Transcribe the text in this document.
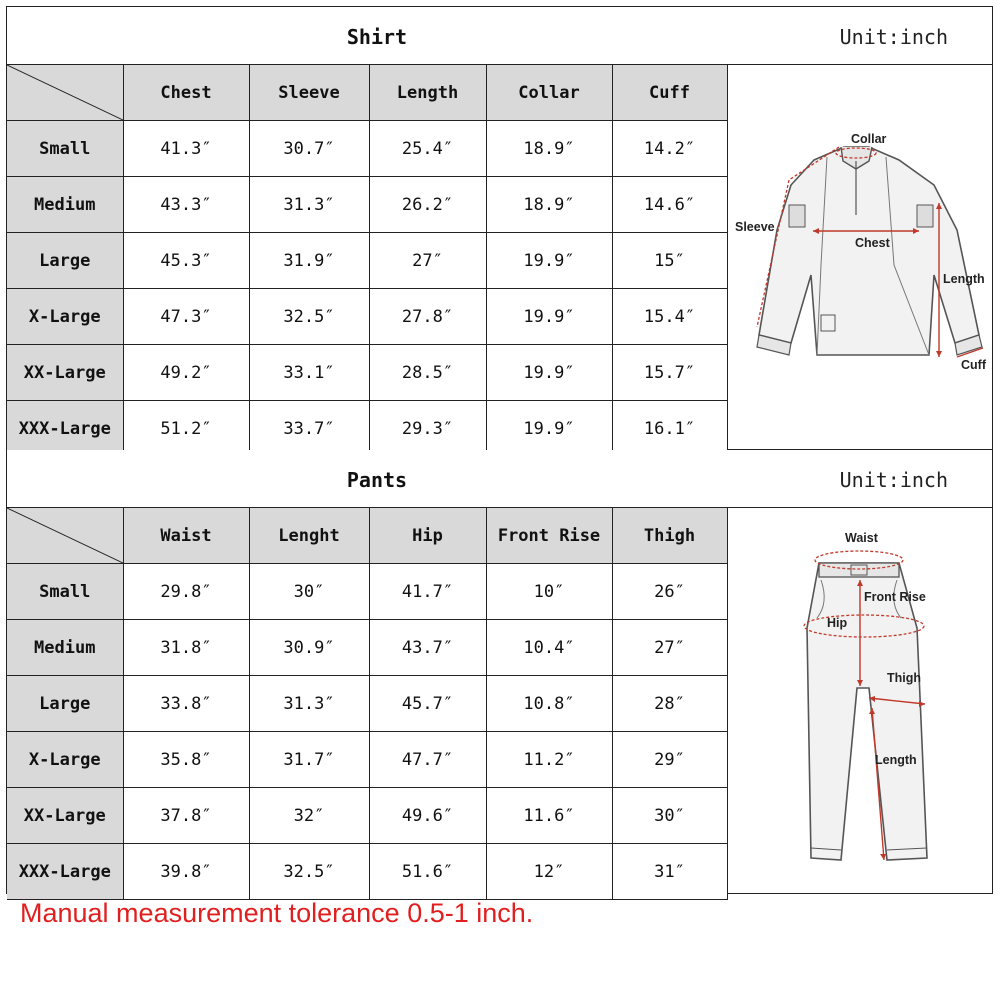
Shirt	Unit:inch
	Chest	Sleeve	Length	Collar	Cuff
Small	41.3″	30.7″	25.4″	18.9″	14.2″
Medium	43.3″	31.3″	26.2″	18.9″	14.6″
Large	45.3″	31.9″	27″	19.9″	15″
X-Large	47.3″	32.5″	27.8″	19.9″	15.4″
XX-Large	49.2″	33.1″	28.5″	19.9″	15.7″
XXX-Large	51.2″	33.7″	29.3″	19.9″	16.1″
Collar
Sleeve
Chest
Length
Cuff
Pants	Unit:inch
	Waist	Lenght	Hip	Front Rise	Thigh
Small	29.8″	30″	41.7″	10″	26″
Medium	31.8″	30.9″	43.7″	10.4″	27″
Large	33.8″	31.3″	45.7″	10.8″	28″
X-Large	35.8″	31.7″	47.7″	11.2″	29″
XX-Large	37.8″	32″	49.6″	11.6″	30″
XXX-Large	39.8″	32.5″	51.6″	12″	31″
Waist
Front Rise
Hip
Thigh
Length
Manual measurement tolerance 0.5-1 inch.
